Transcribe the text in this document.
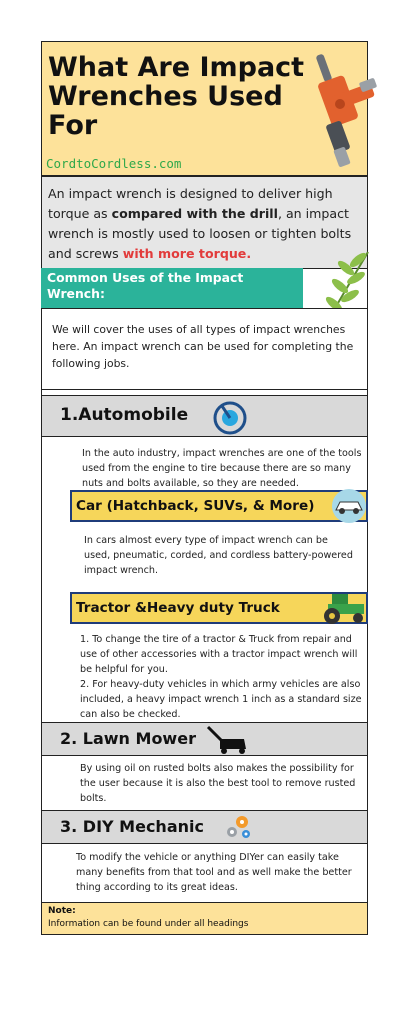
What Are Impact Wrenches Used For
CordtoCordless.com
An impact wrench is designed to deliver high torque as compared with the drill, an impact wrench is mostly used to loosen or tighten bolts and screws with more torque.
Common Uses of the Impact Wrench:
We will cover the uses of all types of impact wrenches here. An impact wrench can be used for completing the following jobs.
1.Automobile
In the auto industry, impact wrenches are one of the tools used from the engine to tire because there are so many nuts and bolts available, so they are needed.
Car (Hatchback, SUVs, & More)
In cars almost every type of impact wrench can be used, pneumatic, corded, and cordless battery-powered impact wrench.
Tractor &Heavy duty Truck
1. To change the tire of a tractor & Truck from repair and use of other accessories with a tractor impact wrench will be helpful for you.
2. For heavy-duty vehicles in which army vehicles are also included, a heavy impact wrench 1 inch as a standard size can also be checked.
2. Lawn Mower
By using oil on rusted bolts also makes the possibility for the user because it is also the best tool to remove rusted bolts.
3. DIY Mechanic
To modify the vehicle or anything DIYer can easily take many benefits from that tool and as well make the better thing according to its great ideas.
Note:
Information can be found under all headings
